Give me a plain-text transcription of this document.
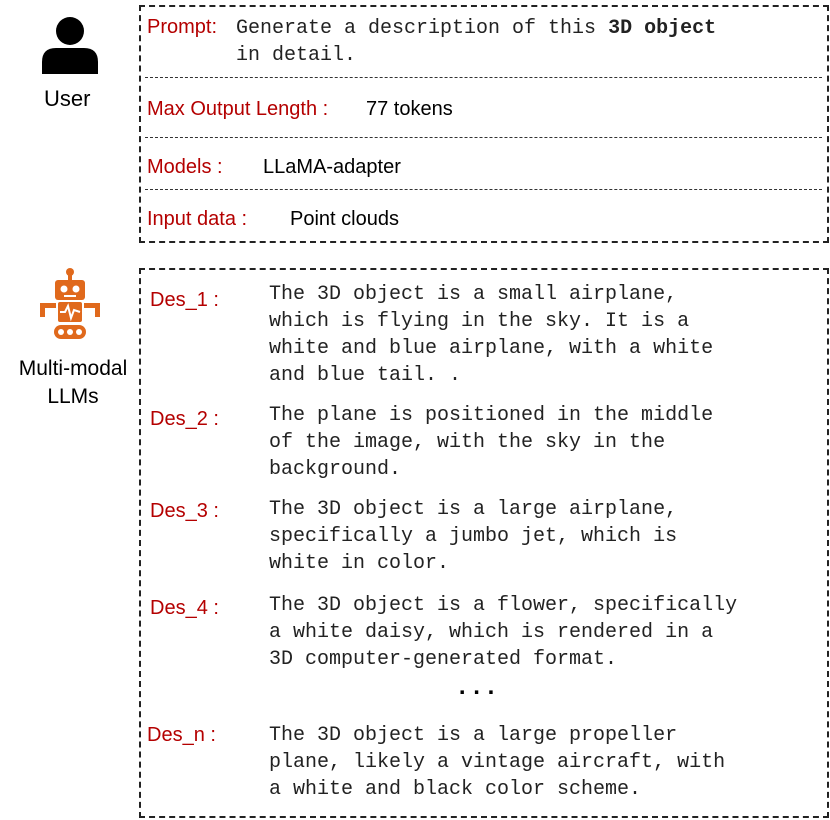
User
Multi-modal
LLMs
Prompt: Generate a description of this 3D object
in detail.
Max Output Length : 77 tokens
Models : LLaMA-adapter
Input data : Point clouds
Des_1 :	The 3D object is a small airplane,
which is flying in the sky. It is a
white and blue airplane, with a white
and blue tail. .
Des_2 :	The plane is positioned in the middle
of the image, with the sky in the
background.
Des_3 :	The 3D object is a large airplane,
specifically a jumbo jet, which is
white in color.
Des_4 :	The 3D object is a flower, specifically
a white daisy, which is rendered in a
3D computer-generated format.
...
Des_n :	The 3D object is a large propeller
plane, likely a vintage aircraft, with
a white and black color scheme.
